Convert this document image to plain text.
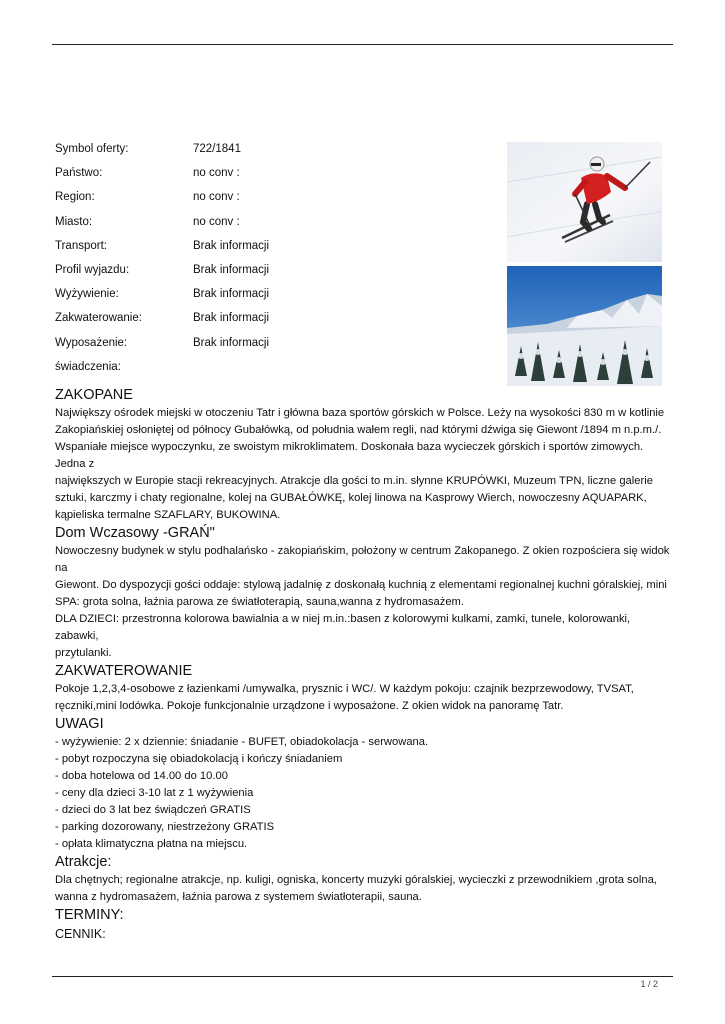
Symbol oferty:	722/1841
Państwo:	no conv :
Region:	no conv :
Miasto:	no conv :
Transport:	Brak informacji
Profil wyjazdu:	Brak informacji
Wyżywienie:	Brak informacji
Zakwaterowanie:	Brak informacji
Wyposażenie:	Brak informacji
świadczenia:
ZAKOPANE

Największy ośrodek miejski w otoczeniu Tatr i główna baza sportów górskich w Polsce. Leży na wysokości 830 m w kotlinie

Zakopiańskiej osłoniętej od północy Gubałówką, od południa wałem regli, nad którymi dźwiga się Giewont /1894 m n.p.m./.

Wspaniałe miejsce wypoczynku, ze swoistym mikroklimatem. Doskonała baza wycieczek górskich i sportów zimowych. Jedna z

największych w Europie stacji rekreacyjnych. Atrakcje dla gości to m.in. słynne KRUPÓWKI, Muzeum TPN, liczne galerie

sztuki, karczmy i chaty regionalne, kolej na GUBAŁÓWKĘ, kolej linowa na Kasprowy Wierch, nowoczesny AQUAPARK,

kąpieliska termalne SZAFLARY, BUKOWINA.

Dom Wczasowy -GRAŃ"

Nowoczesny budynek w stylu podhalańsko - zakopiańskim, położony w centrum Zakopanego. Z okien rozpościera się widok na

Giewont. Do dyspozycji gości oddaje: stylową jadalnię z doskonałą kuchnią z elementami regionalnej kuchni góralskiej, mini

SPA: grota solna, łaźnia parowa ze światłoterapią, sauna,wanna z hydromasażem.

DLA DZIECI: przestronna kolorowa bawialnia a w niej m.in.:basen z kolorowymi kulkami, zamki, tunele, kolorowanki, zabawki,

przytulanki.

ZAKWATEROWANIE

Pokoje 1,2,3,4-osobowe z łazienkami /umywalka, prysznic i WC/. W każdym pokoju: czajnik bezprzewodowy, TVSAT,

ręczniki,mini lodówka. Pokoje funkcjonalnie urządzone i wyposażone. Z okien widok na panoramę Tatr.

UWAGI

- wyżywienie: 2 x dziennie: śniadanie - BUFET, obiadokolacja - serwowana.

- pobyt rozpoczyna się obiadokolacją i kończy śniadaniem

- doba hotelowa od 14.00 do 10.00

- ceny dla dzieci 3-10 lat z 1 wyżywienia

- dzieci do 3 lat bez świądczeń GRATIS

- parking dozorowany, niestrzeżony GRATIS

- opłata klimatyczna płatna na miejscu.

Atrakcje:

Dla chętnych; regionalne atrakcje, np. kuligi, ogniska, koncerty muzyki góralskiej, wycieczki z przewodnikiem ,grota solna,

wanna z hydromasażem, łaźnia parowa z systemem światłoterapii, sauna.

TERMINY:
CENNIK:
1 / 2
